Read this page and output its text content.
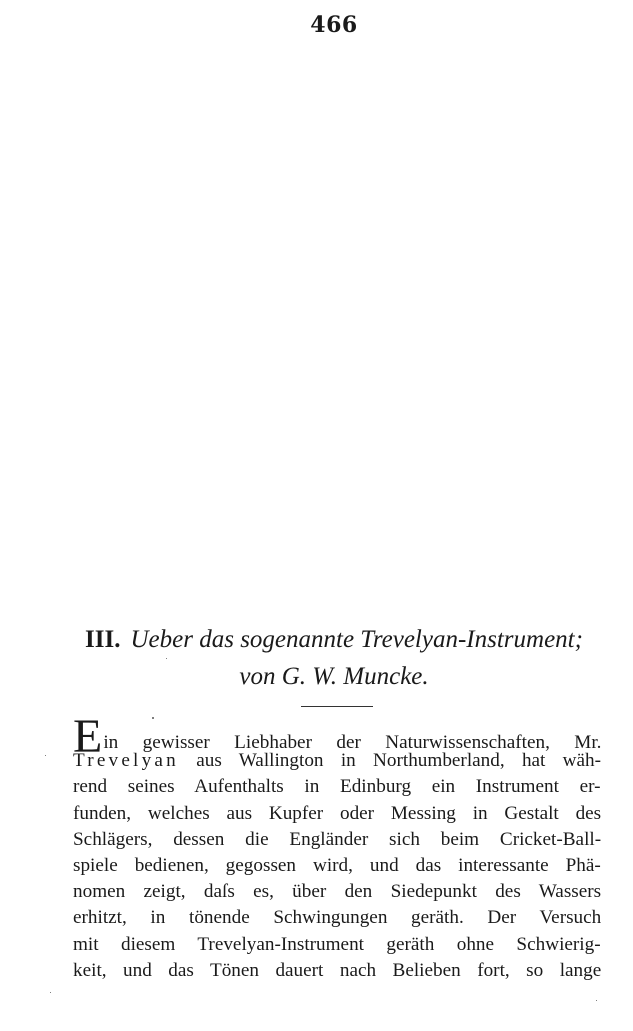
466
III. Ueber das sogenannte Trevelyan-Instrument;
von G. W. Muncke.
Ein gewisser Liebhaber der Naturwissenschaften, Mr.
Trevelyan aus Wallington in Northumberland, hat wäh-
rend seines Aufenthalts in Edinburg ein Instrument er-
funden, welches aus Kupfer oder Messing in Gestalt des
Schlägers, dessen die Engländer sich beim Cricket-Ball-
spiele bedienen, gegossen wird, und das interessante Phä-
nomen zeigt, daſs es, über den Siedepunkt des Wassers
erhitzt, in tönende Schwingungen geräth. Der Versuch
mit diesem Trevelyan-Instrument geräth ohne Schwierig-
keit, und das Tönen dauert nach Belieben fort, so lange
